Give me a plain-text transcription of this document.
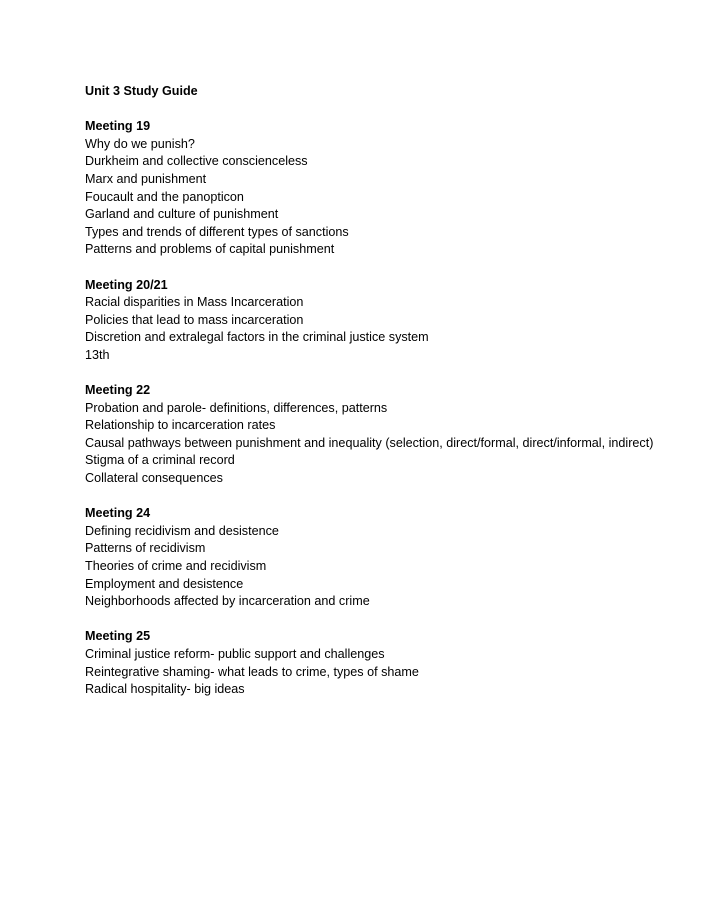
Unit 3 Study Guide
Meeting 19
Why do we punish?
Durkheim and collective conscienceless
Marx and punishment
Foucault and the panopticon
Garland and culture of punishment
Types and trends of different types of sanctions
Patterns and problems of capital punishment
Meeting 20/21
Racial disparities in Mass Incarceration
Policies that lead to mass incarceration
Discretion and extralegal factors in the criminal justice system
13th
Meeting 22
Probation and parole- definitions, differences, patterns
Relationship to incarceration rates
Causal pathways between punishment and inequality (selection, direct/formal, direct/informal, indirect)
Stigma of a criminal record
Collateral consequences
Meeting 24
Defining recidivism and desistence
Patterns of recidivism
Theories of crime and recidivism
Employment and desistence
Neighborhoods affected by incarceration and crime
Meeting 25
Criminal justice reform- public support and challenges
Reintegrative shaming- what leads to crime, types of shame
Radical hospitality- big ideas
